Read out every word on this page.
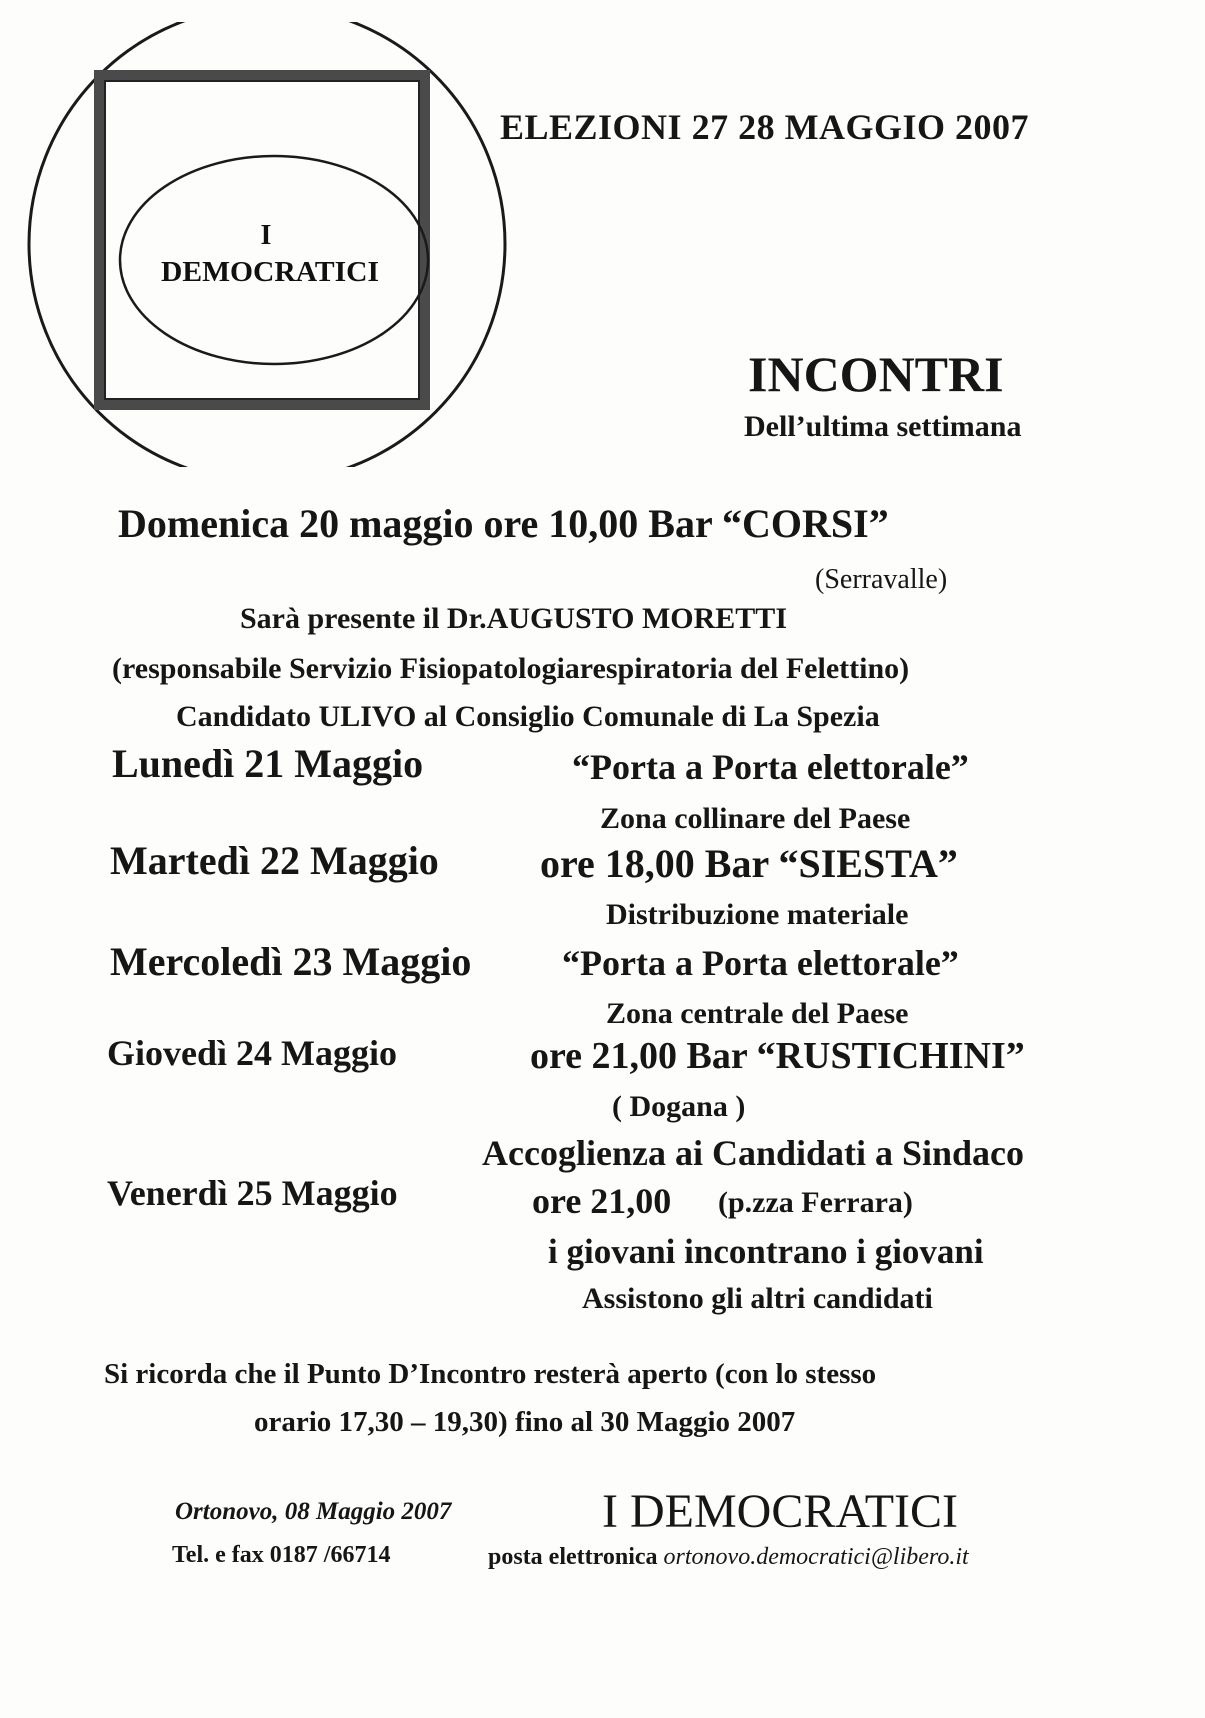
I
DEMOCRATICI
ELEZIONI 27 28 MAGGIO 2007
INCONTRI
Dell’ultima settimana
Domenica 20 maggio ore 10,00 Bar “CORSI”
(Serravalle)
Sarà presente il Dr.AUGUSTO MORETTI
(responsabile Servizio Fisiopatologiarespiratoria del Felettino)
Candidato ULIVO al Consiglio Comunale di La Spezia
Lunedì 21 Maggio	“Porta a Porta elettorale”
Zona collinare del Paese
Martedì 22 Maggio	ore 18,00 Bar “SIESTA”
Distribuzione materiale
Mercoledì 23 Maggio	“Porta a Porta elettorale”
Zona centrale del Paese
Giovedì 24 Maggio	ore 21,00 Bar “RUSTICHINI”
( Dogana )
Accoglienza ai Candidati a Sindaco
Venerdì 25 Maggio	ore 21,00 (p.zza Ferrara)
i giovani incontrano i giovani
Assistono gli altri candidati
Si ricorda che il Punto D’Incontro resterà aperto (con lo stesso
orario 17,30 – 19,30) fino al 30 Maggio 2007
Ortonovo, 08 Maggio 2007
Tel. e fax 0187 /66714
I DEMOCRATICI
posta elettronica ortonovo.democratici@libero.it
